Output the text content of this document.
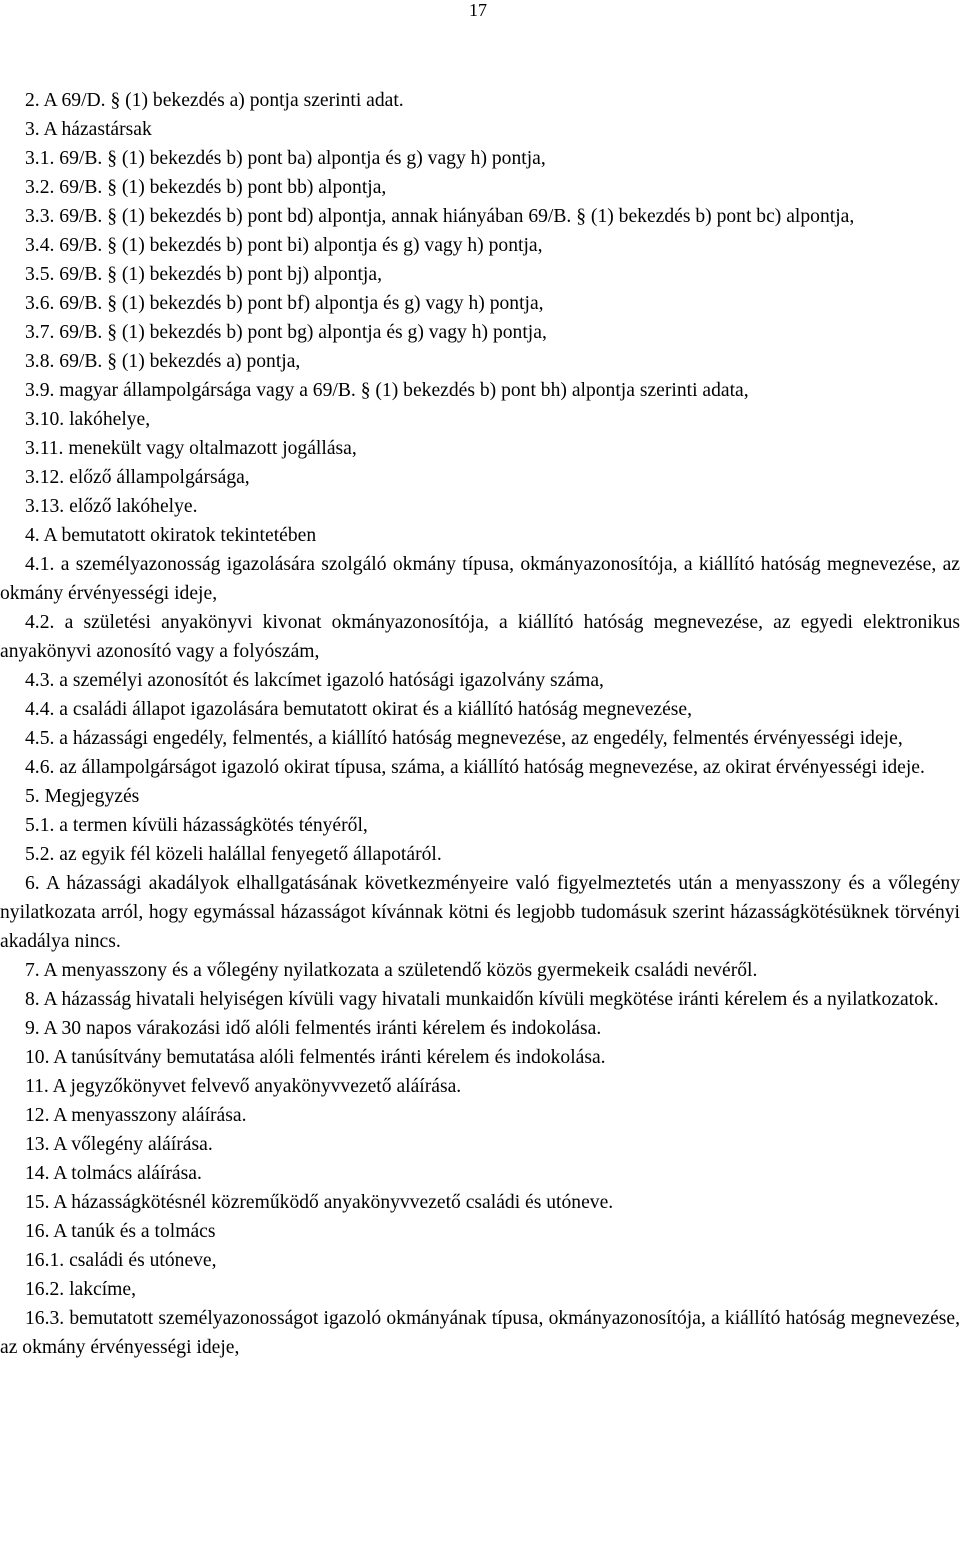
17
2. A 69/D. § (1) bekezdés a) pontja szerinti adat.
3. A házastársak
3.1. 69/B. § (1) bekezdés b) pont ba) alpontja és g) vagy h) pontja,
3.2. 69/B. § (1) bekezdés b) pont bb) alpontja,
3.3. 69/B. § (1) bekezdés b) pont bd) alpontja, annak hiányában 69/B. § (1) bekezdés b) pont bc) alpontja,
3.4. 69/B. § (1) bekezdés b) pont bi) alpontja és g) vagy h) pontja,
3.5. 69/B. § (1) bekezdés b) pont bj) alpontja,
3.6. 69/B. § (1) bekezdés b) pont bf) alpontja és g) vagy h) pontja,
3.7. 69/B. § (1) bekezdés b) pont bg) alpontja és g) vagy h) pontja,
3.8. 69/B. § (1) bekezdés a) pontja,
3.9. magyar állampolgársága vagy a 69/B. § (1) bekezdés b) pont bh) alpontja szerinti adata,
3.10. lakóhelye,
3.11. menekült vagy oltalmazott jogállása,
3.12. előző állampolgársága,
3.13. előző lakóhelye.
4. A bemutatott okiratok tekintetében
4.1. a személyazonosság igazolására szolgáló okmány típusa, okmányazonosítója, a kiállító hatóság megnevezése, az okmány érvényességi ideje,
4.2. a születési anyakönyvi kivonat okmányazonosítója, a kiállító hatóság megnevezése, az egyedi elektronikus anyakönyvi azonosító vagy a folyószám,
4.3. a személyi azonosítót és lakcímet igazoló hatósági igazolvány száma,
4.4. a családi állapot igazolására bemutatott okirat és a kiállító hatóság megnevezése,
4.5. a házassági engedély, felmentés, a kiállító hatóság megnevezése, az engedély, felmentés érvényességi ideje,
4.6. az állampolgárságot igazoló okirat típusa, száma, a kiállító hatóság megnevezése, az okirat érvényességi ideje.
5. Megjegyzés
5.1. a termen kívüli házasságkötés tényéről,
5.2. az egyik fél közeli halállal fenyegető állapotáról.
6. A házassági akadályok elhallgatásának következményeire való figyelmeztetés után a menyasszony és a vőlegény nyilatkozata arról, hogy egymással házasságot kívánnak kötni és legjobb tudomásuk szerint házasságkötésüknek törvényi akadálya nincs.
7. A menyasszony és a vőlegény nyilatkozata a születendő közös gyermekeik családi nevéről.
8. A házasság hivatali helyiségen kívüli vagy hivatali munkaidőn kívüli megkötése iránti kérelem és a nyilatkozatok.
9. A 30 napos várakozási idő alóli felmentés iránti kérelem és indokolása.
10. A tanúsítvány bemutatása alóli felmentés iránti kérelem és indokolása.
11. A jegyzőkönyvet felvevő anyakönyvvezető aláírása.
12. A menyasszony aláírása.
13. A vőlegény aláírása.
14. A tolmács aláírása.
15. A házasságkötésnél közreműködő anyakönyvvezető családi és utóneve.
16. A tanúk és a tolmács
16.1. családi és utóneve,
16.2. lakcíme,
16.3. bemutatott személyazonosságot igazoló okmányának típusa, okmányazonosítója, a kiállító hatóság megnevezése, az okmány érvényességi ideje,
